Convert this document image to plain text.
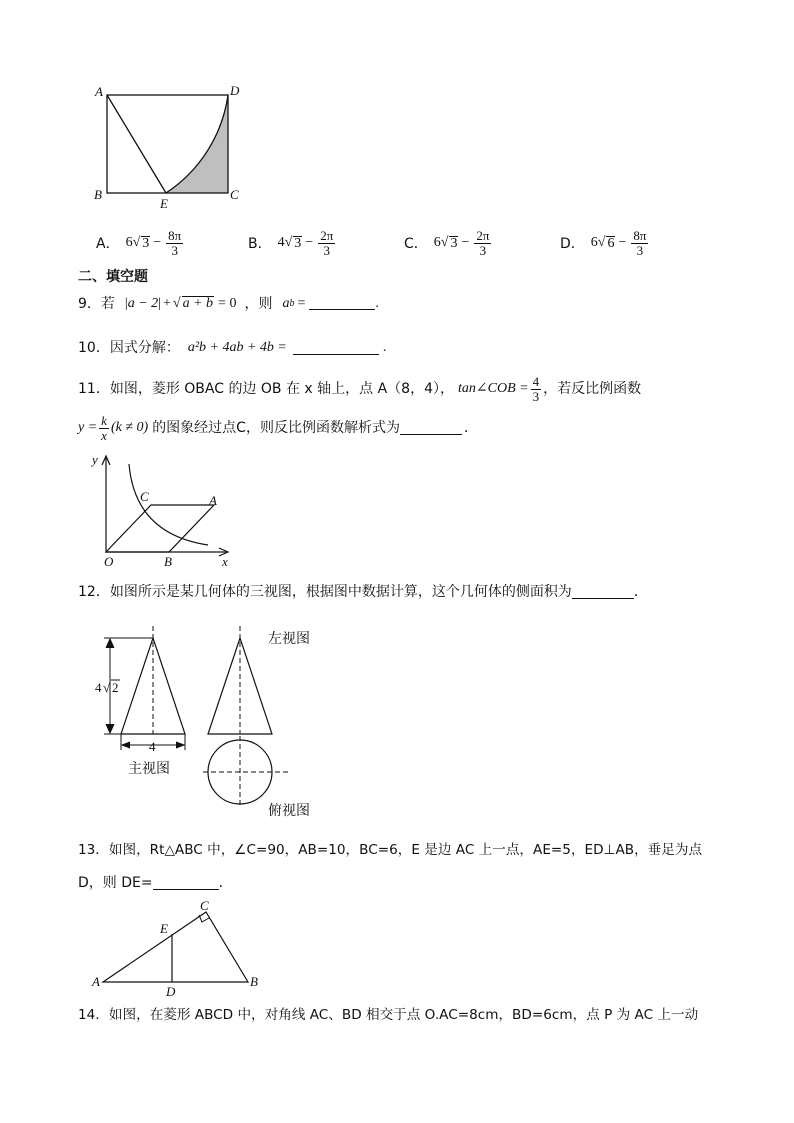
A	D
B
E
C
A． 6 √ $3 - \frac{8\pi}{3}$	B． 4 √ $3 - \frac{2\pi}{3}$	C． 6 √ $3 - \frac{2\pi}{3}$	D． 6 √ $6 - \frac{8\pi}{3}$
二、填空题
9．若 |a − 2| + √ a + b = 0 ，则 a b =	.
10．因式分解： a²b + 4ab + 4b =	.
11．如图，菱形 OBAC 的边 OB 在 x 轴上，点 A（8，4）， tan∠COB = $\frac{4}{3}$ ，若反比例函数
$y = \frac{k}{x} (k \ne 0)$ 的图象经过点C，则反比例函数解析式为	．
y
x
O	B
C	A
12．如图所示是某几何体的三视图，根据图中数据计算，这个几何体的侧面积为	．
4 √ 2
4
主视图
左视图
俯视图
13．如图，Rt△ABC 中，∠C=90，AB=10，BC=6，E 是边 AC 上一点，AE=5，ED⊥AB，垂足为点
D，则 DE=	．
A	B
C
E
D
14．如图，在菱形 ABCD 中，对角线 AC、BD 相交于点 O.AC=8cm，BD=6cm，点 P 为 AC 上一动
